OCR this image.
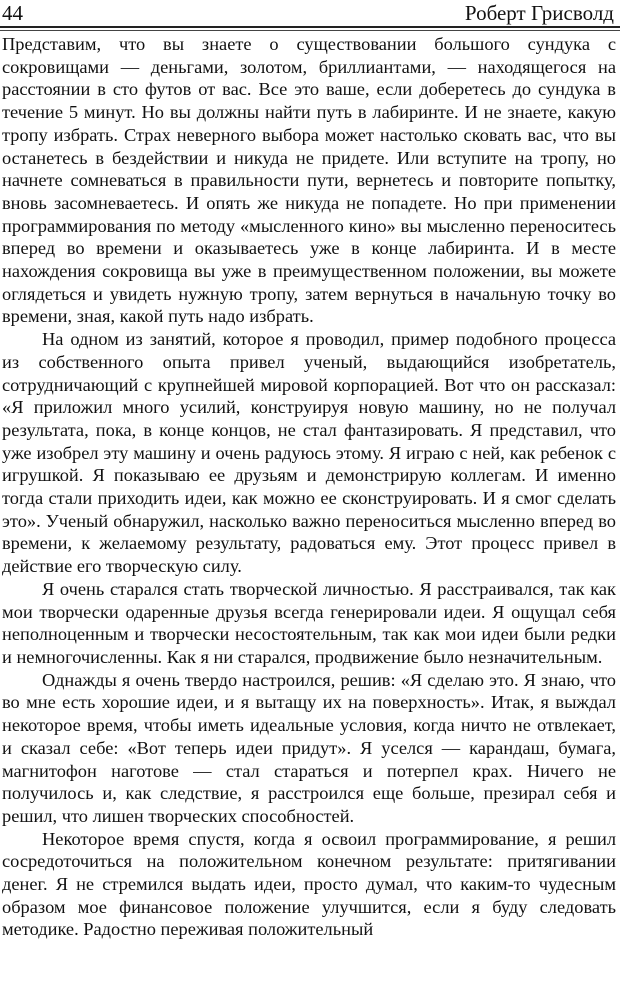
44	Роберт Грисволд

Представим, что вы знаете о существовании большого сундука с сокровищами — деньгами, золотом, бриллиантами, — находящегося на расстоянии в сто футов от вас. Все это ваше, если доберетесь до сундука в течение 5 минут. Но вы должны найти путь в лабиринте. И не знаете, какую тропу избрать. Страх неверного выбора может настолько сковать вас, что вы останетесь в бездействии и никуда не придете. Или вступите на тропу, но начнете сомневаться в правильности пути, вернетесь и повторите попытку, вновь засомневаетесь. И опять же никуда не попадете. Но при применении программирования по методу «мысленного кино» вы мысленно переноситесь вперед во времени и оказываетесь уже в конце лабиринта. И в месте нахождения сокровища вы уже в преимущественном положении, вы можете оглядеться и увидеть нужную тропу, затем вернуться в начальную точку во времени, зная, какой путь надо избрать.

На одном из занятий, которое я проводил, пример подобного процесса из собственного опыта привел ученый, выдающийся изобретатель, сотрудничающий с крупнейшей мировой корпорацией. Вот что он рассказал: «Я приложил много усилий, конструируя новую машину, но не получал результата, пока, в конце концов, не стал фантазировать. Я представил, что уже изобрел эту машину и очень радуюсь этому. Я играю с ней, как ребенок с игрушкой. Я показываю ее друзьям и демонстрирую коллегам. И именно тогда стали приходить идеи, как можно ее сконструировать. И я смог сделать это». Ученый обнаружил, насколько важно переноситься мысленно вперед во времени, к желаемому результату, радоваться ему. Этот процесс привел в действие его творческую силу.

Я очень старался стать творческой личностью. Я расстраивался, так как мои творчески одаренные друзья всегда генерировали идеи. Я ощущал себя неполноценным и творчески несостоятельным, так как мои идеи были редки и немногочисленны. Как я ни старался, продвижение было незначительным.

Однажды я очень твердо настроился, решив: «Я сделаю это. Я знаю, что во мне есть хорошие идеи, и я вытащу их на поверхность». Итак, я выждал некоторое время, чтобы иметь идеальные условия, когда ничто не отвлекает, и сказал себе: «Вот теперь идеи придут». Я уселся — карандаш, бумага, магнитофон наготове — стал стараться и потерпел крах. Ничего не получилось и, как следствие, я расстроился еще больше, презирал себя и решил, что лишен творческих способностей.

Некоторое время спустя, когда я освоил программирование, я решил сосредоточиться на положительном конечном результате: притягивании денег. Я не стремился выдать идеи, просто думал, что каким-то чудесным образом мое финансовое положение улучшится, если я буду следовать методике. Радостно переживая положительный
